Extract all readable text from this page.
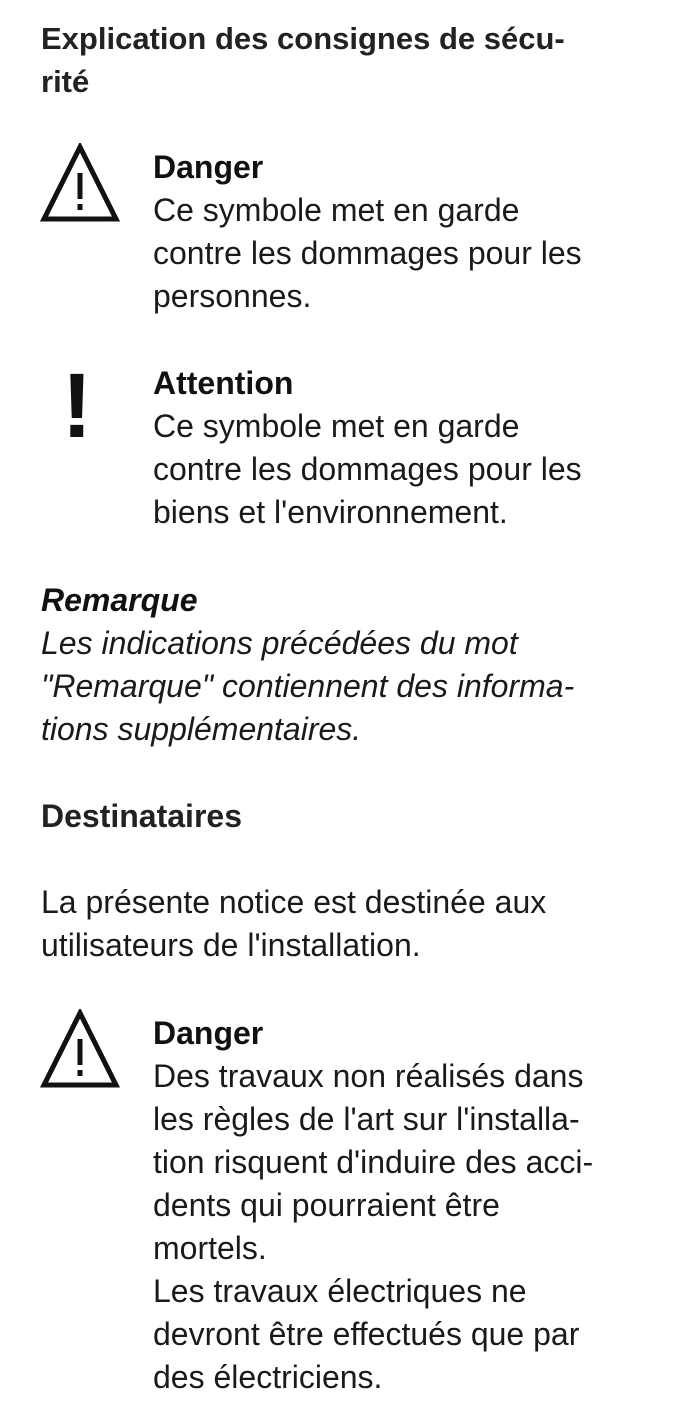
Explication des consignes de sécu-
rité
Danger
Ce symbole met en garde
contre les dommages pour les
personnes.
!	Attention
Ce symbole met en garde
contre les dommages pour les
biens et l'environnement.
Remarque
Les indications précédées du mot
"Remarque" contiennent des informa-
tions supplémentaires.
Destinataires
La présente notice est destinée aux
utilisateurs de l'installation.
Danger
Des travaux non réalisés dans
les règles de l'art sur l'installa-
tion risquent d'induire des acci-
dents qui pourraient être
mortels.
Les travaux électriques ne
devront être effectués que par
des électriciens.
